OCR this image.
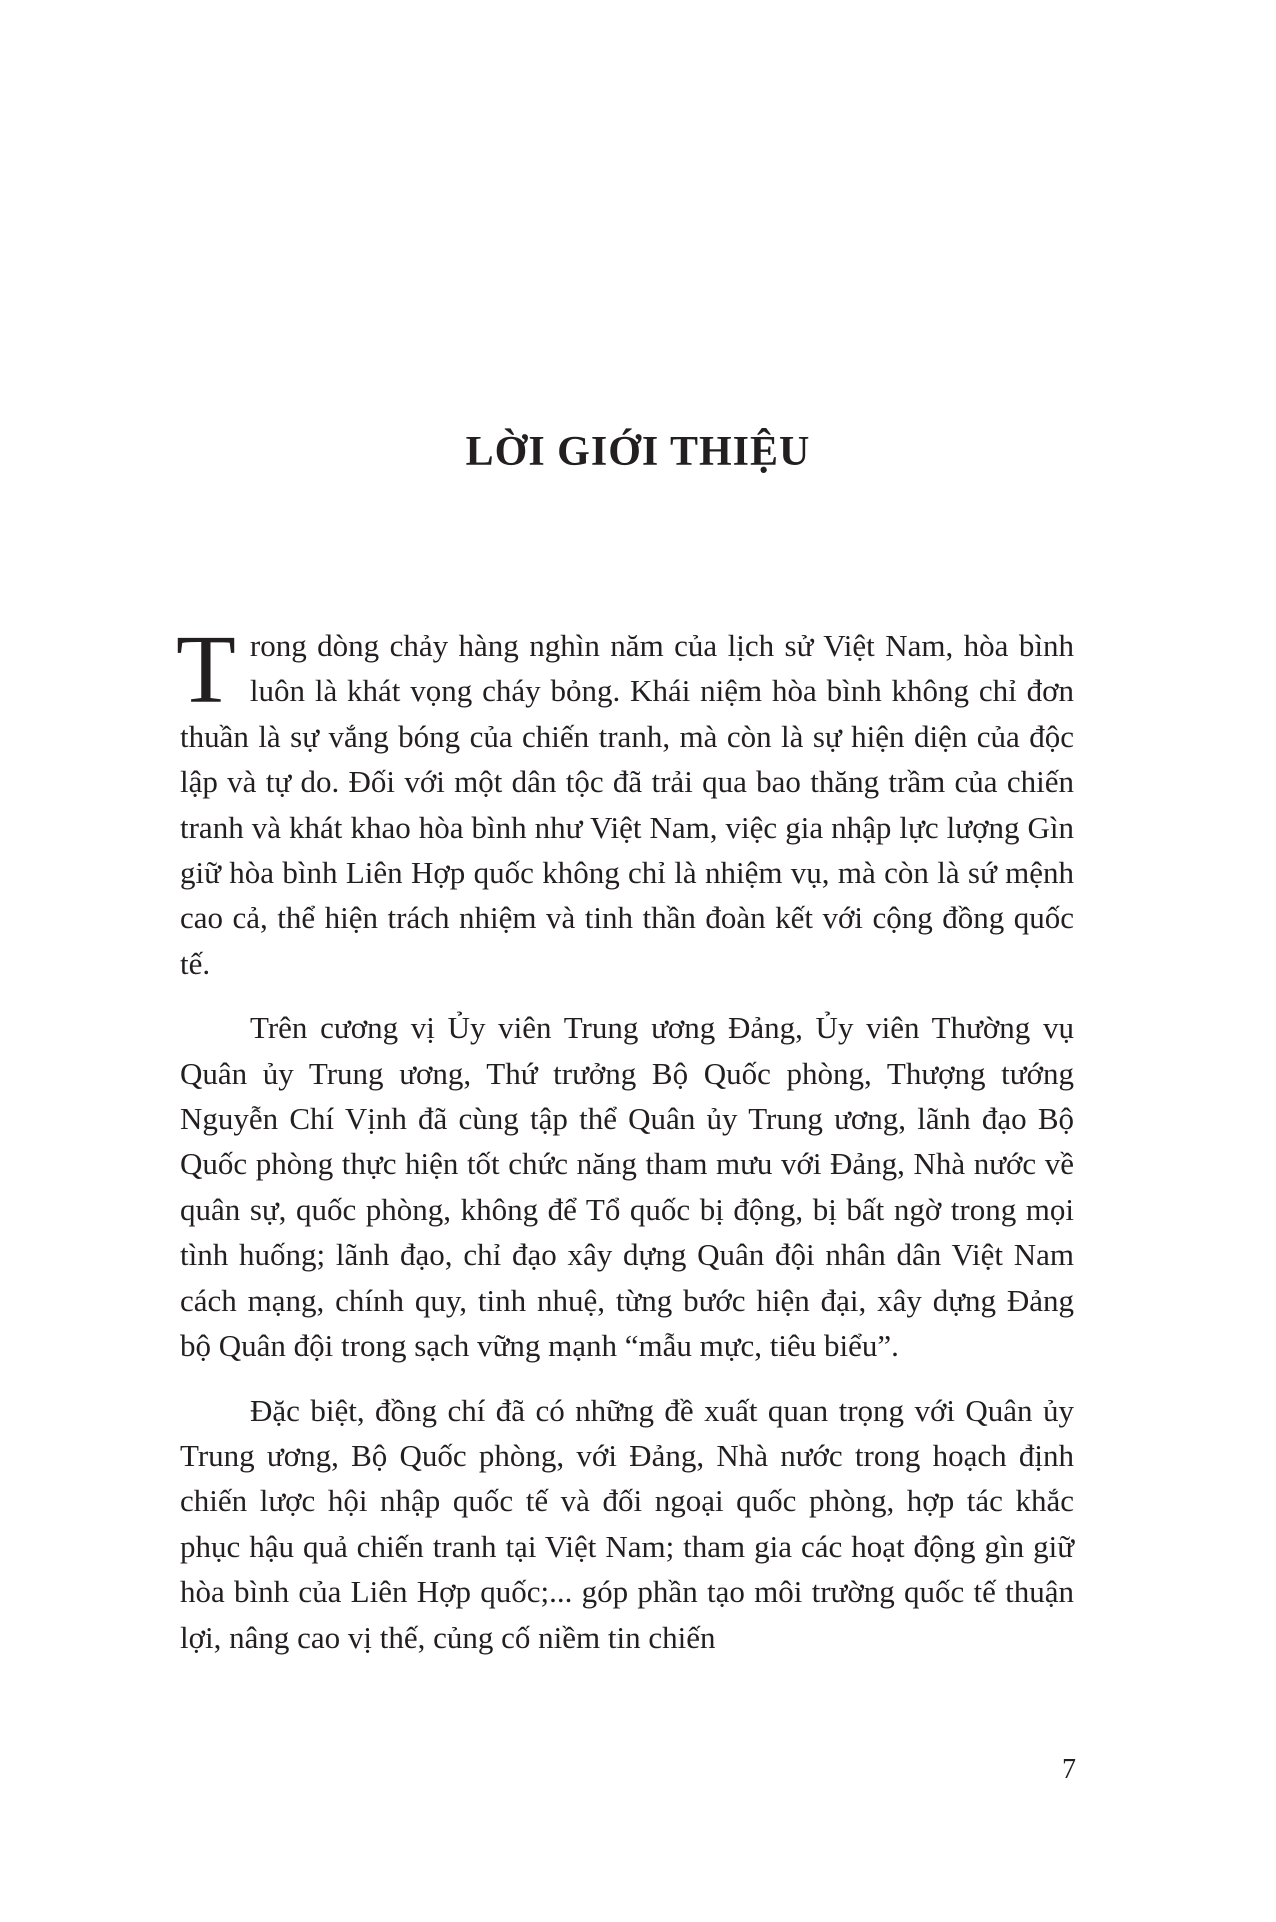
LỜI GIỚI THIỆU

Trong dòng chảy hàng nghìn năm của lịch sử Việt Nam, hòa bình luôn là khát vọng cháy bỏng. Khái niệm hòa bình không chỉ đơn thuần là sự vắng bóng của chiến tranh, mà còn là sự hiện diện của độc lập và tự do. Đối với một dân tộc đã trải qua bao thăng trầm của chiến tranh và khát khao hòa bình như Việt Nam, việc gia nhập lực lượng Gìn giữ hòa bình Liên Hợp quốc không chỉ là nhiệm vụ, mà còn là sứ mệnh cao cả, thể hiện trách nhiệm và tinh thần đoàn kết với cộng đồng quốc tế.

Trên cương vị Ủy viên Trung ương Đảng, Ủy viên Thường vụ Quân ủy Trung ương, Thứ trưởng Bộ Quốc phòng, Thượng tướng Nguyễn Chí Vịnh đã cùng tập thể Quân ủy Trung ương, lãnh đạo Bộ Quốc phòng thực hiện tốt chức năng tham mưu với Đảng, Nhà nước về quân sự, quốc phòng, không để Tổ quốc bị động, bị bất ngờ trong mọi tình huống; lãnh đạo, chỉ đạo xây dựng Quân đội nhân dân Việt Nam cách mạng, chính quy, tinh nhuệ, từng bước hiện đại, xây dựng Đảng bộ Quân đội trong sạch vững mạnh “mẫu mực, tiêu biểu”.

Đặc biệt, đồng chí đã có những đề xuất quan trọng với Quân ủy Trung ương, Bộ Quốc phòng, với Đảng, Nhà nước trong hoạch định chiến lược hội nhập quốc tế và đối ngoại quốc phòng, hợp tác khắc phục hậu quả chiến tranh tại Việt Nam; tham gia các hoạt động gìn giữ hòa bình của Liên Hợp quốc;... góp phần tạo môi trường quốc tế thuận lợi, nâng cao vị thế, củng cố niềm tin chiến

7
